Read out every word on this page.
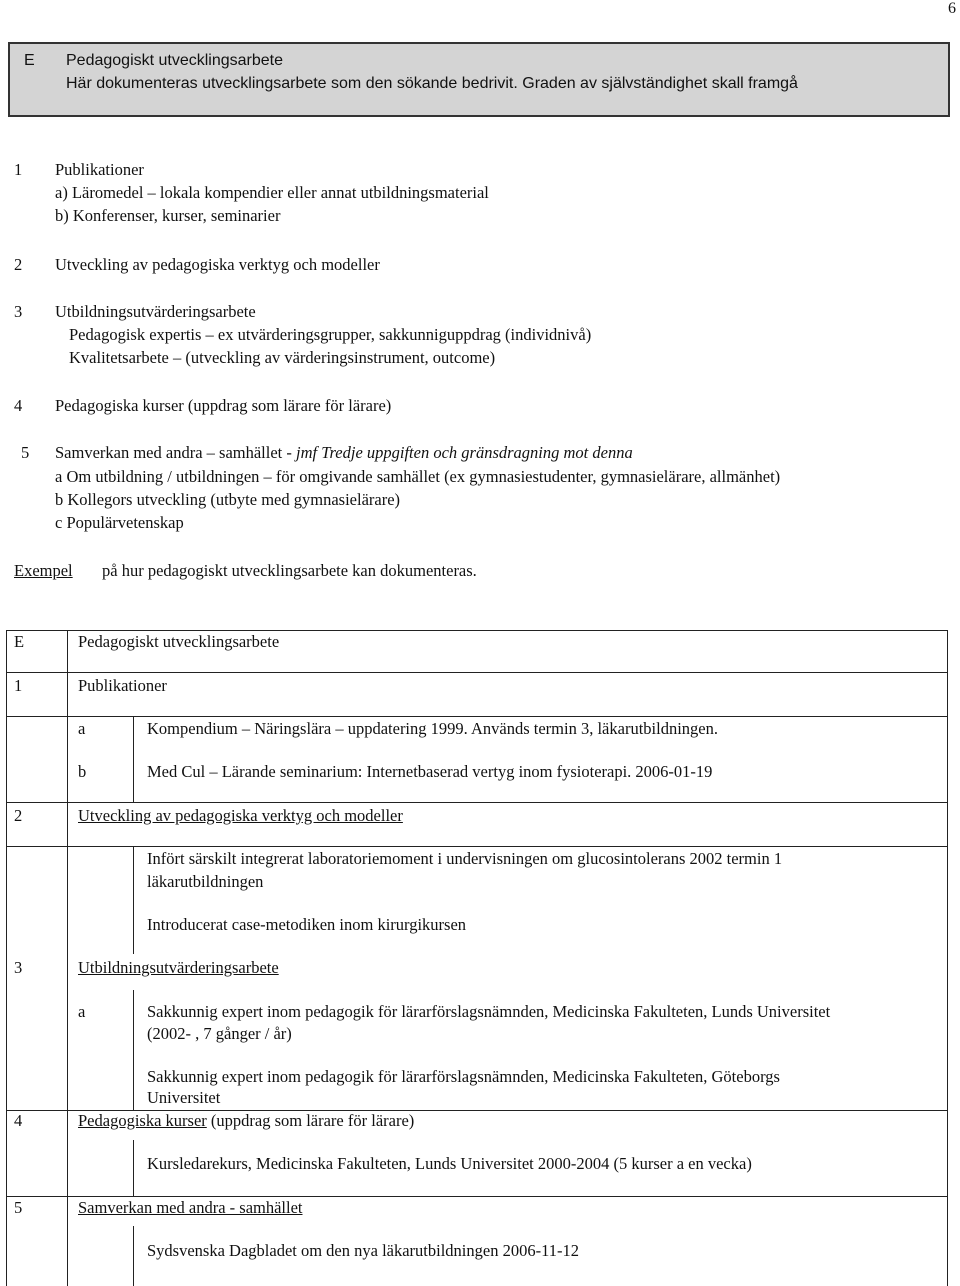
6
E Pedagogiskt utvecklingsarbete
Här dokumenteras utvecklingsarbete som den sökande bedrivit. Graden av självständighet skall framgå
1 Publikationer
a) Läromedel – lokala kompendier eller annat utbildningsmaterial
b) Konferenser, kurser, seminarier
2 Utveckling av pedagogiska verktyg och modeller
3 Utbildningsutvärderingsarbete
Pedagogisk expertis – ex utvärderingsgrupper, sakkunniguppdrag (individnivå)
Kvalitetsarbete – (utveckling av värderingsinstrument, outcome)
4 Pedagogiska kurser (uppdrag som lärare för lärare)
5 Samverkan med andra – samhället - jmf Tredje uppgiften och gränsdragning mot denna
a Om utbildning / utbildningen – för omgivande samhället (ex gymnasiestudenter, gymnasielärare, allmänhet)
b Kollegors utveckling (utbyte med gymnasielärare)
c Populärvetenskap
Exempel på hur pedagogiskt utvecklingsarbete kan dokumenteras.
E	Pedagogiskt utvecklingsarbete
1	Publikationer
a	Kompendium – Näringslära – uppdatering 1999. Används termin 3, läkarutbildningen.
b	Med Cul – Lärande seminarium: Internetbaserad vertyg inom fysioterapi. 2006-01-19
2	Utveckling av pedagogiska verktyg och modeller
Infört särskilt integrerat laboratoriemoment i undervisningen om glucosintolerans 2002 termin 1
läkarutbildningen
Introducerat case-metodiken inom kirurgikursen
3	Utbildningsutvärderingsarbete
a	Sakkunnig expert inom pedagogik för lärarförslagsnämnden, Medicinska Fakulteten, Lunds Universitet
(2002- , 7 gånger / år)
Sakkunnig expert inom pedagogik för lärarförslagsnämnden, Medicinska Fakulteten, Göteborgs
Universitet
4	Pedagogiska kurser (uppdrag som lärare för lärare)
Kursledarekurs, Medicinska Fakulteten, Lunds Universitet 2000-2004 (5 kurser a en vecka)
5	Samverkan med andra - samhället
Sydsvenska Dagbladet om den nya läkarutbildningen 2006-11-12
